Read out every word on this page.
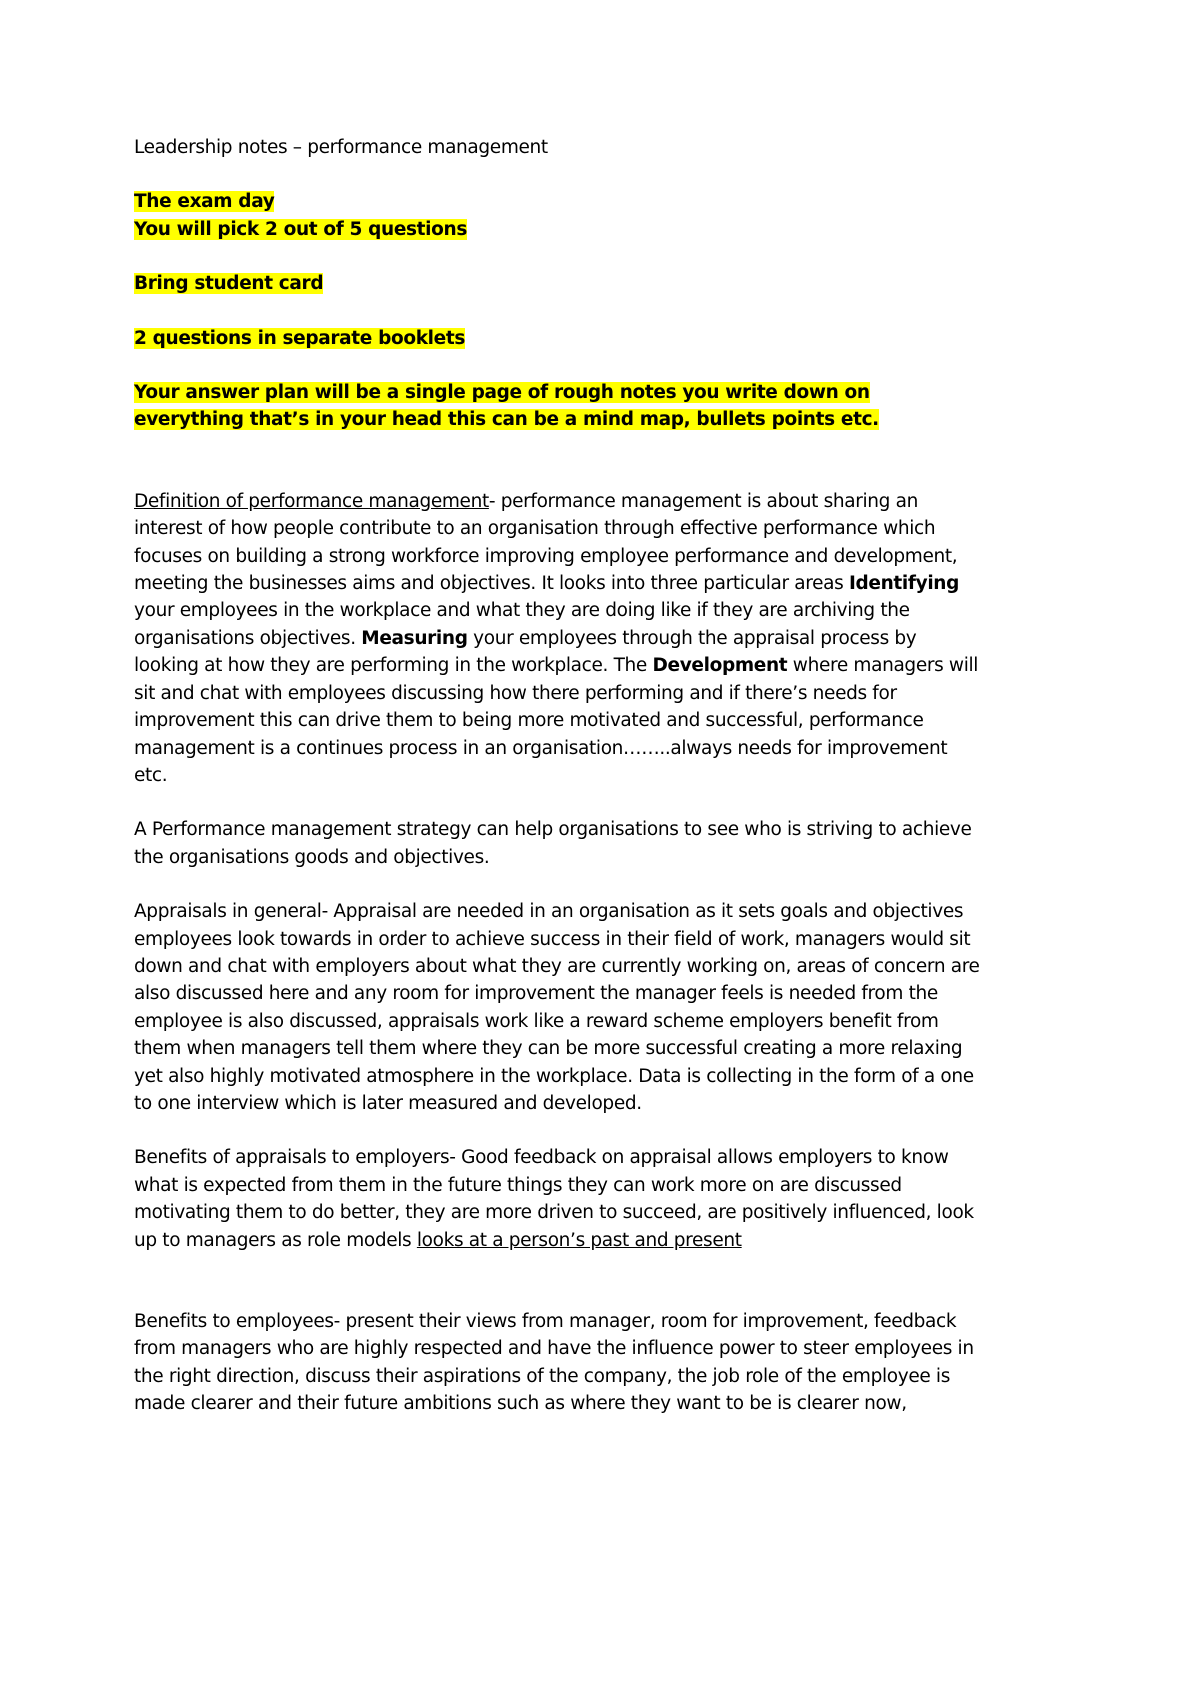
Leadership notes – performance management

The exam day

You will pick 2 out of 5 questions

Bring student card

2 questions in separate booklets

Your answer plan will be a single page of rough notes you write down on everything that’s in your head this can be a mind map, bullets points etc.

Definition of performance management- performance management is about sharing an interest of how people contribute to an organisation through effective performance which focuses on building a strong workforce improving employee performance and development, meeting the businesses aims and objectives. It looks into three particular areas Identifying your employees in the workplace and what they are doing like if they are archiving the organisations objectives. Measuring your employees through the appraisal process by looking at how they are performing in the workplace. The Development where managers will sit and chat with employees discussing how there performing and if there’s needs for improvement this can drive them to being more motivated and successful, performance management is a continues process in an organisation……..always needs for improvement etc.

A Performance management strategy can help organisations to see who is striving to achieve the organisations goods and objectives.

Appraisals in general- Appraisal are needed in an organisation as it sets goals and objectives employees look towards in order to achieve success in their field of work, managers would sit down and chat with employers about what they are currently working on, areas of concern are also discussed here and any room for improvement the manager feels is needed from the employee is also discussed, appraisals work like a reward scheme employers benefit from them when managers tell them where they can be more successful creating a more relaxing yet also highly motivated atmosphere in the workplace. Data is collecting in the form of a one to one interview which is later measured and developed.

Benefits of appraisals to employers- Good feedback on appraisal allows employers to know what is expected from them in the future things they can work more on are discussed motivating them to do better, they are more driven to succeed, are positively influenced, look up to managers as role models looks at a person’s past and present

Benefits to employees- present their views from manager, room for improvement, feedback from managers who are highly respected and have the influence power to steer employees in the right direction, discuss their aspirations of the company, the job role of the employee is made clearer and their future ambitions such as where they want to be is clearer now,
